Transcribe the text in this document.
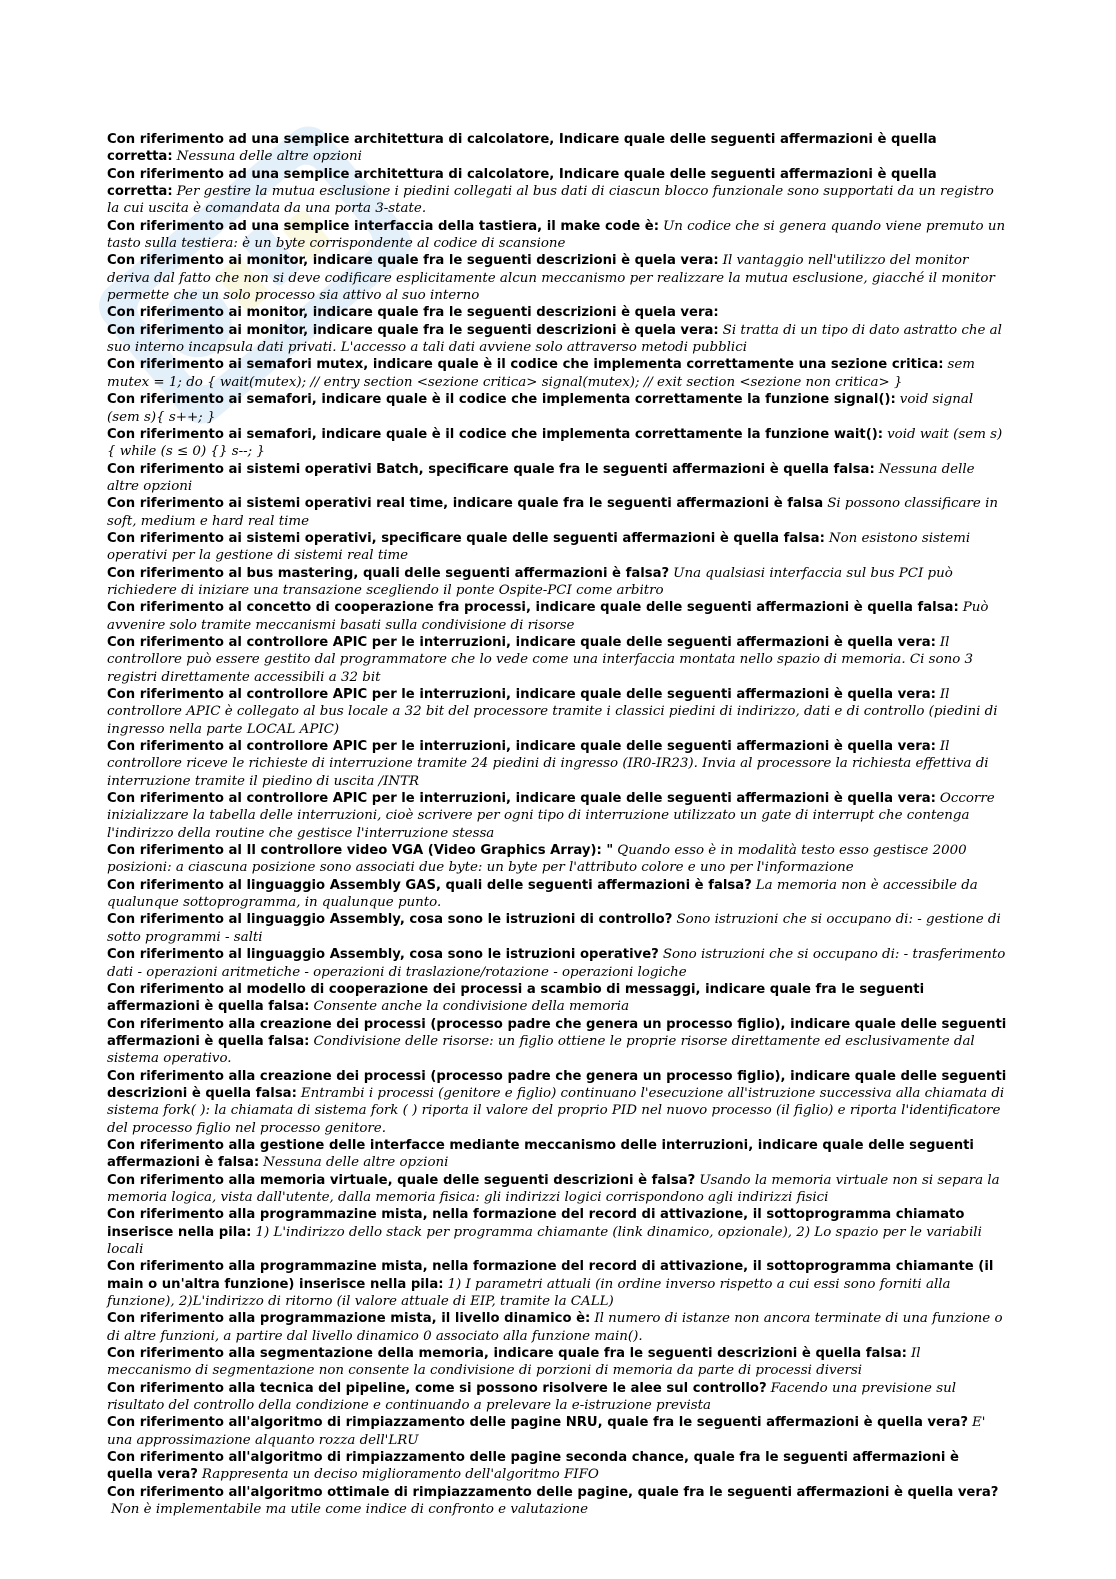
Con riferimento ad una semplice architettura di calcolatore, Indicare quale delle seguenti affermazioni è quella corretta: Nessuna delle altre opzioni

Con riferimento ad una semplice architettura di calcolatore, Indicare quale delle seguenti affermazioni è quella corretta: Per gestire la mutua esclusione i piedini collegati al bus dati di ciascun blocco funzionale sono supportati da un registro la cui uscita è comandata da una porta 3-state.

Con riferimento ad una semplice interfaccia della tastiera, il make code è: Un codice che si genera quando viene premuto un tasto sulla testiera: è un byte corrispondente al codice di scansione

Con riferimento ai monitor, indicare quale fra le seguenti descrizioni è quela vera: Il vantaggio nell'utilizzo del monitor deriva dal fatto che non si deve codificare esplicitamente alcun meccanismo per realizzare la mutua esclusione, giacché il monitor permette che un solo processo sia attivo al suo interno

Con riferimento ai monitor, indicare quale fra le seguenti descrizioni è quela vera:

Con riferimento ai monitor, indicare quale fra le seguenti descrizioni è quela vera: Si tratta di un tipo di dato astratto che al suo interno incapsula dati privati. L'accesso a tali dati avviene solo attraverso metodi pubblici

Con riferimento ai semafori mutex, indicare quale è il codice che implementa correttamente una sezione critica: sem mutex = 1; do { wait(mutex); // entry section <sezione critica> signal(mutex); // exit section <sezione non critica> }

Con riferimento ai semafori, indicare quale è il codice che implementa correttamente la funzione signal(): void signal (sem s){ s++; }

Con riferimento ai semafori, indicare quale è il codice che implementa correttamente la funzione wait(): void wait (sem s){ while (s ≤ 0) {} s--; }

Con riferimento ai sistemi operativi Batch, specificare quale fra le seguenti affermazioni è quella falsa: Nessuna delle altre opzioni

Con riferimento ai sistemi operativi real time, indicare quale fra le seguenti affermazioni è falsa Si possono classificare in soft, medium e hard real time

Con riferimento ai sistemi operativi, specificare quale delle seguenti affermazioni è quella falsa: Non esistono sistemi operativi per la gestione di sistemi real time

Con riferimento al bus mastering, quali delle seguenti affermazioni è falsa? Una qualsiasi interfaccia sul bus PCI può richiedere di iniziare una transazione scegliendo il ponte Ospite-PCI come arbitro

Con riferimento al concetto di cooperazione fra processi, indicare quale delle seguenti affermazioni è quella falsa: Può avvenire solo tramite meccanismi basati sulla condivisione di risorse

Con riferimento al controllore APIC per le interruzioni, indicare quale delle seguenti affermazioni è quella vera: Il controllore può essere gestito dal programmatore che lo vede come una interfaccia montata nello spazio di memoria. Ci sono 3 registri direttamente accessibili a 32 bit

Con riferimento al controllore APIC per le interruzioni, indicare quale delle seguenti affermazioni è quella vera: Il controllore APIC è collegato al bus locale a 32 bit del processore tramite i classici piedini di indirizzo, dati e di controllo (piedini di ingresso nella parte LOCAL APIC)

Con riferimento al controllore APIC per le interruzioni, indicare quale delle seguenti affermazioni è quella vera: Il controllore riceve le richieste di interruzione tramite 24 piedini di ingresso (IR0-IR23). Invia al processore la richiesta effettiva di interruzione tramite il piedino di uscita /INTR

Con riferimento al controllore APIC per le interruzioni, indicare quale delle seguenti affermazioni è quella vera: Occorre inizializzare la tabella delle interruzioni, cioè scrivere per ogni tipo di interruzione utilizzato un gate di interrupt che contenga l'indirizzo della routine che gestisce l'interruzione stessa

Con riferimento al Il controllore video VGA (Video Graphics Array): " Quando esso è in modalità testo esso gestisce 2000 posizioni: a ciascuna posizione sono associati due byte: un byte per l'attributo colore e uno per l'informazione

Con riferimento al linguaggio Assembly GAS, quali delle seguenti affermazioni è falsa? La memoria non è accessibile da qualunque sottoprogramma, in qualunque punto.

Con riferimento al linguaggio Assembly, cosa sono le istruzioni di controllo? Sono istruzioni che si occupano di: - gestione di sotto programmi - salti

Con riferimento al linguaggio Assembly, cosa sono le istruzioni operative? Sono istruzioni che si occupano di: - trasferimento dati - operazioni aritmetiche - operazioni di traslazione/rotazione - operazioni logiche

Con riferimento al modello di cooperazione dei processi a scambio di messaggi, indicare quale fra le seguenti affermazioni è quella falsa: Consente anche la condivisione della memoria

Con riferimento alla creazione dei processi (processo padre che genera un processo figlio), indicare quale delle seguenti affermazioni è quella falsa: Condivisione delle risorse: un figlio ottiene le proprie risorse direttamente ed esclusivamente dal sistema operativo.

Con riferimento alla creazione dei processi (processo padre che genera un processo figlio), indicare quale delle seguenti descrizioni è quella falsa: Entrambi i processi (genitore e figlio) continuano l'esecuzione all'istruzione successiva alla chiamata di sistema fork( ): la chiamata di sistema fork ( ) riporta il valore del proprio PID nel nuovo processo (il figlio) e riporta l'identificatore del processo figlio nel processo genitore.

Con riferimento alla gestione delle interfacce mediante meccanismo delle interruzioni, indicare quale delle seguenti affermazioni è falsa: Nessuna delle altre opzioni

Con riferimento alla memoria virtuale, quale delle seguenti descrizioni è falsa? Usando la memoria virtuale non si separa la memoria logica, vista dall'utente, dalla memoria fisica: gli indirizzi logici corrispondono agli indirizzi fisici

Con riferimento alla programmazine mista, nella formazione del record di attivazione, il sottoprogramma chiamato inserisce nella pila: 1) L'indirizzo dello stack per programma chiamante (link dinamico, opzionale), 2) Lo spazio per le variabili locali

Con riferimento alla programmazine mista, nella formazione del record di attivazione, il sottoprogramma chiamante (il main o un'altra funzione) inserisce nella pila: 1) I parametri attuali (in ordine inverso rispetto a cui essi sono forniti alla funzione), 2)L'indirizzo di ritorno (il valore attuale di EIP, tramite la CALL)

Con riferimento alla programmazione mista, il livello dinamico è: Il numero di istanze non ancora terminate di una funzione o di altre funzioni, a partire dal livello dinamico 0 associato alla funzione main().

Con riferimento alla segmentazione della memoria, indicare quale fra le seguenti descrizioni è quella falsa: Il meccanismo di segmentazione non consente la condivisione di porzioni di memoria da parte di processi diversi

Con riferimento alla tecnica del pipeline, come si possono risolvere le alee sul controllo? Facendo una previsione sul risultato del controllo della condizione e continuando a prelevare la e-istruzione prevista

Con riferimento all'algoritmo di rimpiazzamento delle pagine NRU, quale fra le seguenti affermazioni è quella vera? E' una approssimazione alquanto rozza dell'LRU

Con riferimento all'algoritmo di rimpiazzamento delle pagine seconda chance, quale fra le seguenti affermazioni è quella vera? Rappresenta un deciso miglioramento dell'algoritmo FIFO

Con riferimento all'algoritmo ottimale di rimpiazzamento delle pagine, quale fra le seguenti affermazioni è quella vera?Non è implementabile ma utile come indice di confronto e valutazione
